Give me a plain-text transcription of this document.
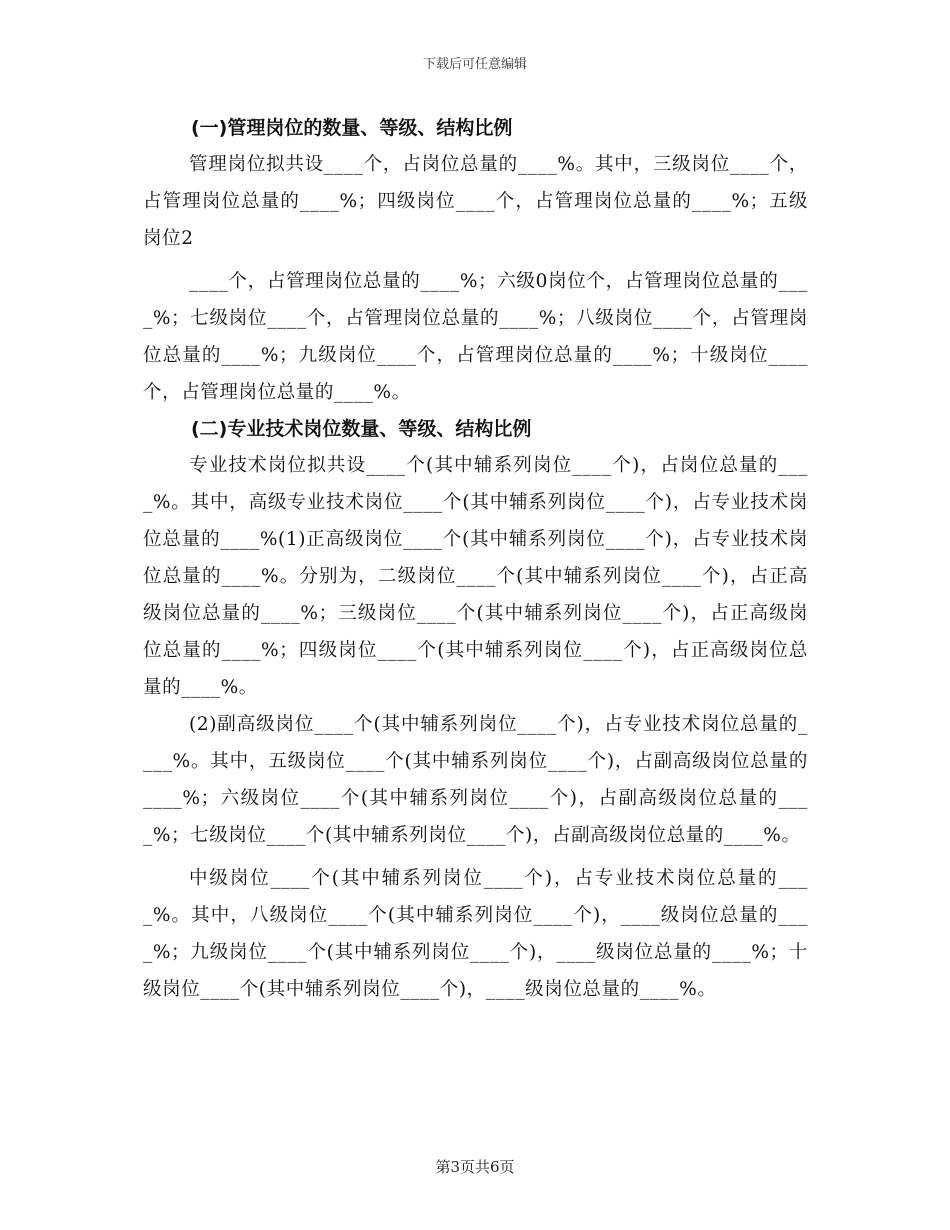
下载后可任意编辑

(一)管理岗位的数量、等级、结构比例

管理岗位拟共设____个，占岗位总量的____%。其中，三级岗位____个，占管理岗位总量的____%；四级岗位____个，占管理岗位总量的____%；五级岗位2

____个，占管理岗位总量的____%；六级0岗位个，占管理岗位总量的____%；七级岗位____个，占管理岗位总量的____%；八级岗位____个，占管理岗位总量的____%；九级岗位____个，占管理岗位总量的____%；十级岗位____个，占管理岗位总量的____%。

(二)专业技术岗位数量、等级、结构比例

专业技术岗位拟共设____个(其中辅系列岗位____个)，占岗位总量的____%。其中，高级专业技术岗位____个(其中辅系列岗位____个)，占专业技术岗位总量的____%(1)正高级岗位____个(其中辅系列岗位____个)，占专业技术岗位总量的____%。分别为，二级岗位____个(其中辅系列岗位____个)，占正高级岗位总量的____%；三级岗位____个(其中辅系列岗位____个)，占正高级岗位总量的____%；四级岗位____个(其中辅系列岗位____个)，占正高级岗位总量的____%。

(2)副高级岗位____个(其中辅系列岗位____个)，占专业技术岗位总量的____%。其中，五级岗位____个(其中辅系列岗位____个)，占副高级岗位总量的____%；六级岗位____个(其中辅系列岗位____个)，占副高级岗位总量的____%；七级岗位____个(其中辅系列岗位____个)，占副高级岗位总量的____%。

中级岗位____个(其中辅系列岗位____个)，占专业技术岗位总量的____%。其中，八级岗位____个(其中辅系列岗位____个)，____级岗位总量的____%；九级岗位____个(其中辅系列岗位____个)，____级岗位总量的____%；十级岗位____个(其中辅系列岗位____个)，____级岗位总量的____%。

第3页共6页
